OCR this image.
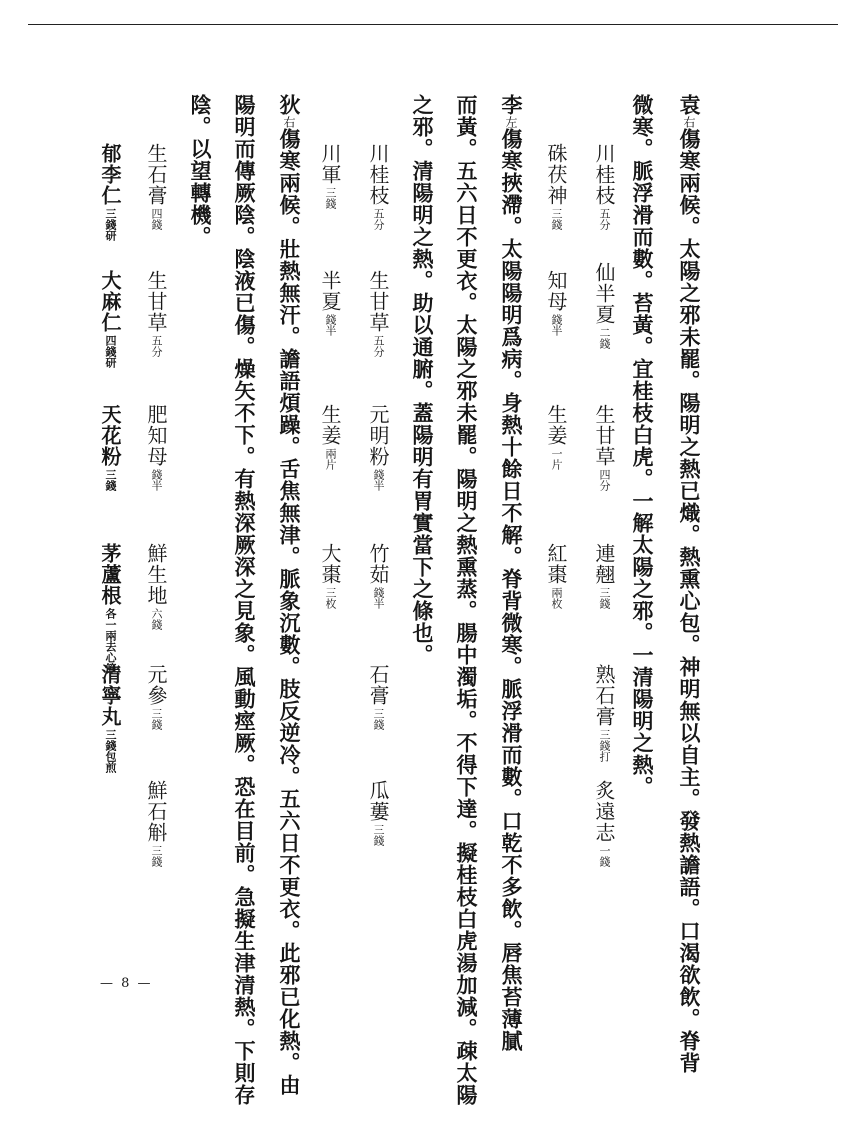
袁右傷寒兩候。太陽之邪未罷。陽明之熱已熾。熱熏心包。神明無以自主。發熱譫語。口渴欲飲。脊背
微寒。脈浮滑而數。苔黃。宜桂枝白虎。一解太陽之邪。一清陽明之熱。
川桂枝五分
仙半夏二錢
生甘草四分
連翹三錢
熟石膏三錢打
炙遠志一錢
硃茯神三錢
知母錢半
生姜一片
紅棗兩枚
李左傷寒挾滯。太陽陽明爲病。身熱十餘日不解。脊背微寒。脈浮滑而數。口乾不多飲。唇焦苔薄膩
而黃。五六日不更衣。太陽之邪未罷。陽明之熱熏蒸。腸中濁垢。不得下達。擬桂枝白虎湯加減。疎太陽
之邪。清陽明之熱。助以通腑。蓋陽明有胃實當下之條也。
川桂枝五分
生甘草五分
元明粉錢半
竹茹錢半
石膏三錢
瓜蔞三錢
川軍三錢
半夏錢半
生姜兩片
大棗三枚
狄右傷寒兩候。壯熱無汗。譫語煩躁。舌焦無津。脈象沉數。肢反逆冷。五六日不更衣。此邪已化熱。由
陽明而傳厥陰。陰液已傷。燥矢不下。有熱深厥深之見象。風動痙厥。恐在目前。急擬生津清熱。下則存
陰。以望轉機。
生石膏四錢
生甘草五分
肥知母錢半
鮮生地六錢
元參三錢
鮮石斛三錢
郁李仁三錢研
大麻仁四錢研
天花粉三錢
茅蘆根各一兩去心節
清寧丸三錢包煎
— 8 —
